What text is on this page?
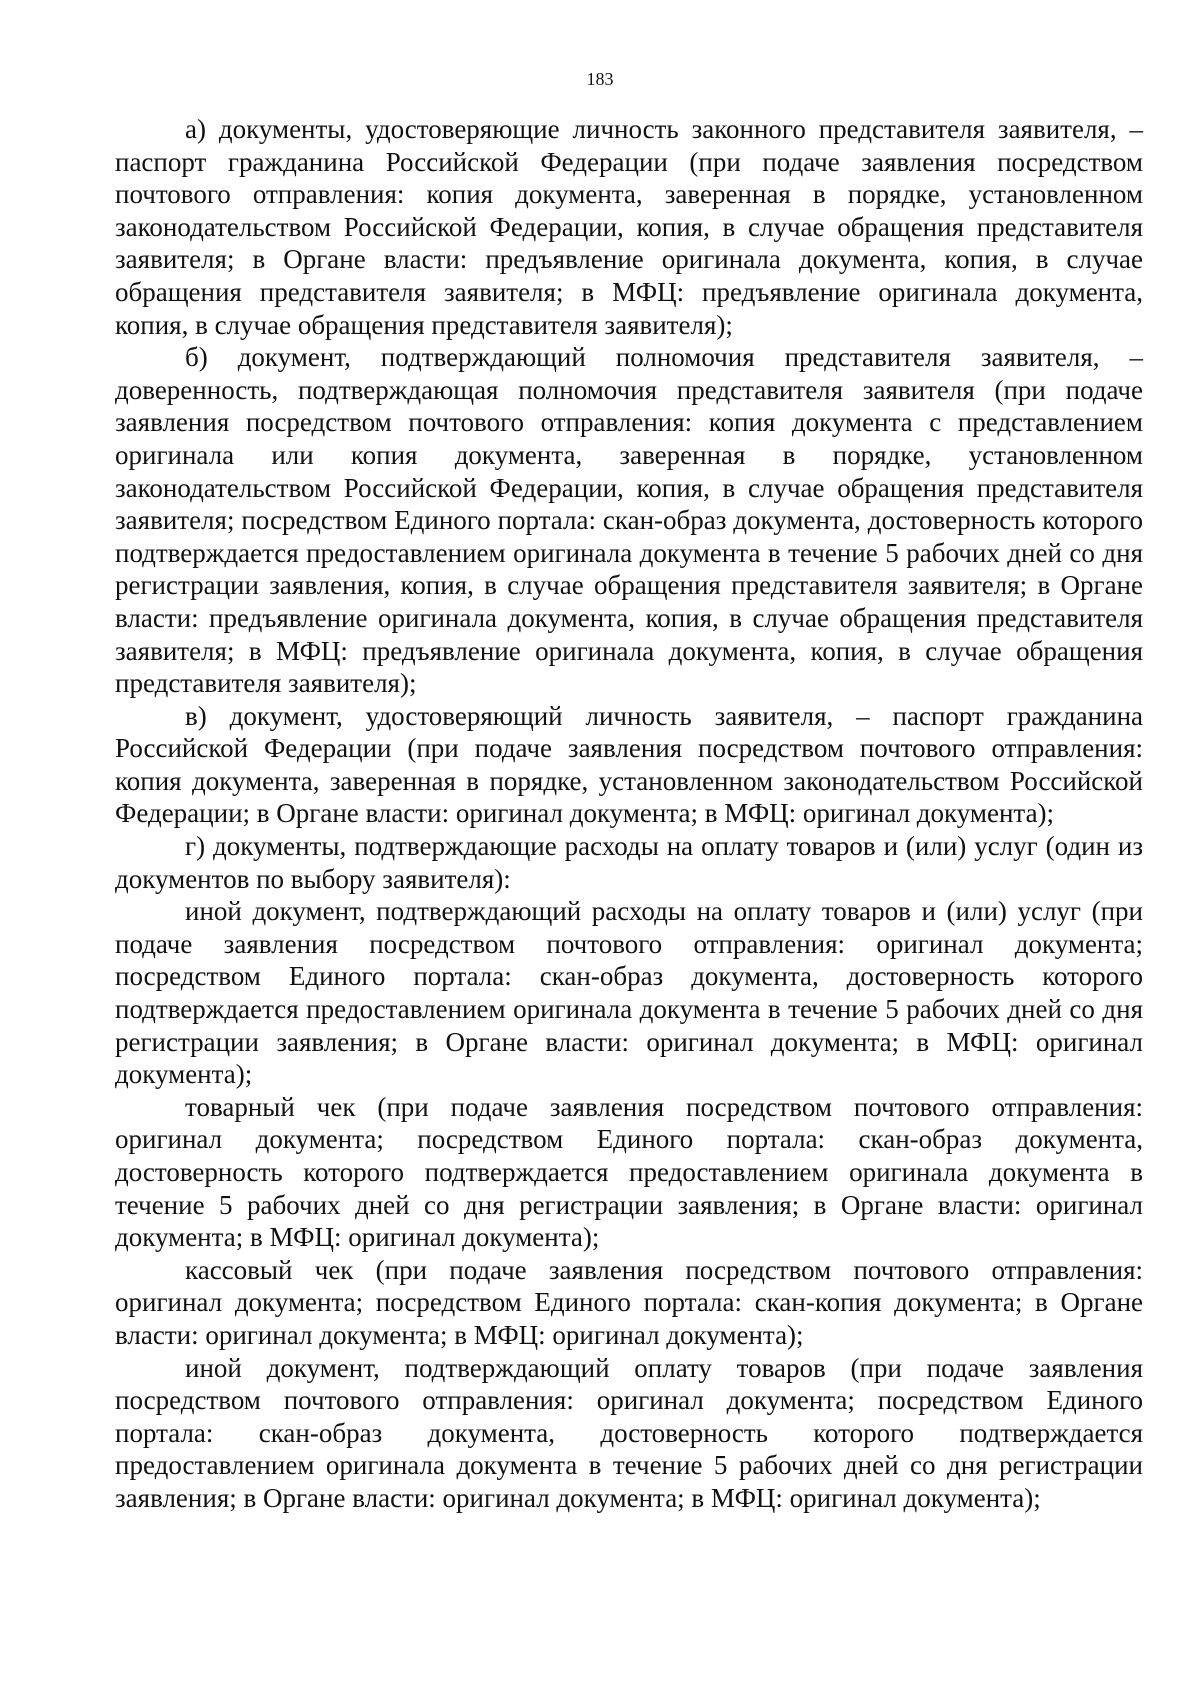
183

а) документы, удостоверяющие личность законного представителя заявителя, – паспорт гражданина Российской Федерации (при подаче заявления посредством почтового отправления: копия документа, заверенная в порядке, установленном законодательством Российской Федерации, копия, в случае обращения представителя заявителя; в Органе власти: предъявление оригинала документа, копия, в случае обращения представителя заявителя; в МФЦ: предъявление оригинала документа, копия, в случае обращения представителя заявителя);

б) документ, подтверждающий полномочия представителя заявителя, – доверенность, подтверждающая полномочия представителя заявителя (при подаче заявления посредством почтового отправления: копия документа с представлением оригинала или копия документа, заверенная в порядке, установленном законодательством Российской Федерации, копия, в случае обращения представителя заявителя; посредством Единого портала: скан-образ документа, достоверность которого подтверждается предоставлением оригинала документа в течение 5 рабочих дней со дня регистрации заявления, копия, в случае обращения представителя заявителя; в Органе власти: предъявление оригинала документа, копия, в случае обращения представителя заявителя; в МФЦ: предъявление оригинала документа, копия, в случае обращения представителя заявителя);

в) документ, удостоверяющий личность заявителя, – паспорт гражданина Российской Федерации (при подаче заявления посредством почтового отправления: копия документа, заверенная в порядке, установленном законодательством Российской Федерации; в Органе власти: оригинал документа; в МФЦ: оригинал документа);

г) документы, подтверждающие расходы на оплату товаров и (или) услуг (один из документов по выбору заявителя):

иной документ, подтверждающий расходы на оплату товаров и (или) услуг (при подаче заявления посредством почтового отправления: оригинал документа; посредством Единого портала: скан-образ документа, достоверность которого подтверждается предоставлением оригинала документа в течение 5 рабочих дней со дня регистрации заявления; в Органе власти: оригинал документа; в МФЦ: оригинал документа);

товарный чек (при подаче заявления посредством почтового отправления: оригинал документа; посредством Единого портала: скан-образ документа, достоверность которого подтверждается предоставлением оригинала документа в течение 5 рабочих дней со дня регистрации заявления; в Органе власти: оригинал документа; в МФЦ: оригинал документа);

кассовый чек (при подаче заявления посредством почтового отправления: оригинал документа; посредством Единого портала: скан-копия документа; в Органе власти: оригинал документа; в МФЦ: оригинал документа);

иной документ, подтверждающий оплату товаров (при подаче заявления посредством почтового отправления: оригинал документа; посредством Единого портала: скан-образ документа, достоверность которого подтверждается предоставлением оригинала документа в течение 5 рабочих дней со дня регистрации заявления; в Органе власти: оригинал документа; в МФЦ: оригинал документа);
